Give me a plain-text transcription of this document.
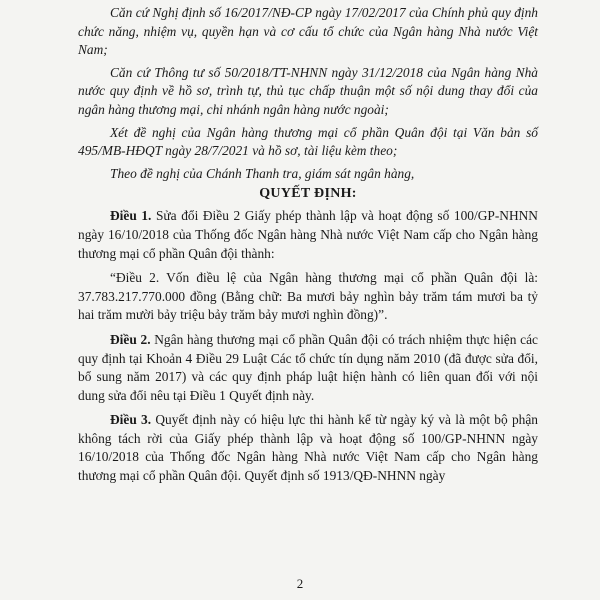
Căn cứ Nghị định số 16/2017/NĐ-CP ngày 17/02/2017 của Chính phủ quy định chức năng, nhiệm vụ, quyền hạn và cơ cấu tổ chức của Ngân hàng Nhà nước Việt Nam;

Căn cứ Thông tư số 50/2018/TT-NHNN ngày 31/12/2018 của Ngân hàng Nhà nước quy định về hồ sơ, trình tự, thủ tục chấp thuận một số nội dung thay đổi của ngân hàng thương mại, chi nhánh ngân hàng nước ngoài;

Xét đề nghị của Ngân hàng thương mại cổ phần Quân đội tại Văn bản số 495/MB-HĐQT ngày 28/7/2021 và hồ sơ, tài liệu kèm theo;

Theo đề nghị của Chánh Thanh tra, giám sát ngân hàng,

QUYẾT ĐỊNH:

Điều 1. Sửa đổi Điều 2 Giấy phép thành lập và hoạt động số 100/GP-NHNN ngày 16/10/2018 của Thống đốc Ngân hàng Nhà nước Việt Nam cấp cho Ngân hàng thương mại cổ phần Quân đội thành:

“Điều 2. Vốn điều lệ của Ngân hàng thương mại cổ phần Quân đội là: 37.783.217.770.000 đồng (Bằng chữ: Ba mươi bảy nghìn bảy trăm tám mươi ba tỷ hai trăm mười bảy triệu bảy trăm bảy mươi nghìn đồng)”.

Điều 2. Ngân hàng thương mại cổ phần Quân đội có trách nhiệm thực hiện các quy định tại Khoản 4 Điều 29 Luật Các tổ chức tín dụng năm 2010 (đã được sửa đổi, bổ sung năm 2017) và các quy định pháp luật hiện hành có liên quan đối với nội dung sửa đổi nêu tại Điều 1 Quyết định này.

Điều 3. Quyết định này có hiệu lực thi hành kể từ ngày ký và là một bộ phận không tách rời của Giấy phép thành lập và hoạt động số 100/GP-NHNN ngày 16/10/2018 của Thống đốc Ngân hàng Nhà nước Việt Nam cấp cho Ngân hàng thương mại cổ phần Quân đội. Quyết định số 1913/QĐ-NHNN ngày

2
